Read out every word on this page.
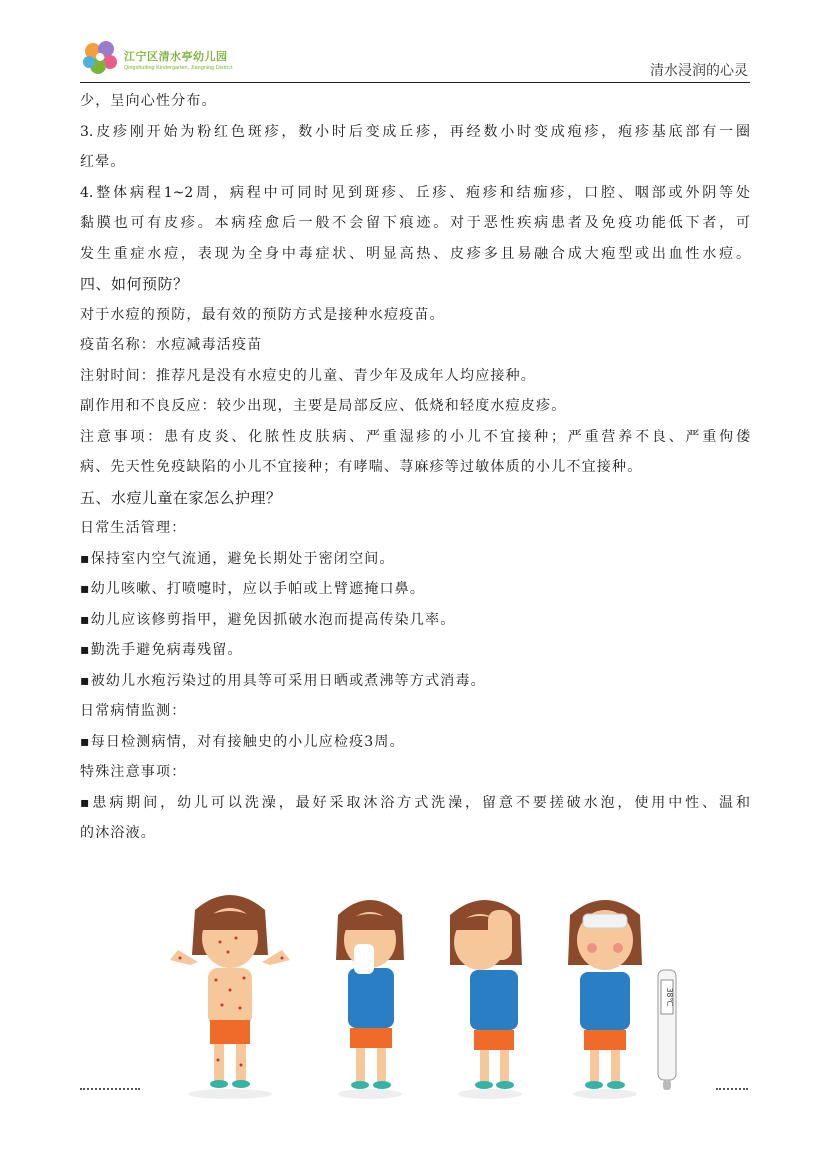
江宁区清水亭幼儿园
Qingshuiting Kindergarten, Jiangning District	清水浸润的心灵
少，呈向心性分布。
3.皮疹刚开始为粉红色斑疹，数小时后变成丘疹，再经数小时变成疱疹，疱疹基底部有一圈
红晕。
4.整体病程1~2周，病程中可同时见到斑疹、丘疹、疱疹和结痂疹，口腔、咽部或外阴等处
黏膜也可有皮疹。本病痊愈后一般不会留下痕迹。对于恶性疾病患者及免疫功能低下者，可
发生重症水痘，表现为全身中毒症状、明显高热、皮疹多且易融合成大疱型或出血性水痘。
四、如何预防？
对于水痘的预防，最有效的预防方式是接种水痘疫苗。
疫苗名称：水痘减毒活疫苗
注射时间：推荐凡是没有水痘史的儿童、青少年及成年人均应接种。
副作用和不良反应：较少出现，主要是局部反应、低烧和轻度水痘皮疹。
注意事项：患有皮炎、化脓性皮肤病、严重湿疹的小儿不宜接种；严重营养不良、严重佝偻
病、先天性免疫缺陷的小儿不宜接种；有哮喘、荨麻疹等过敏体质的小儿不宜接种。
五、水痘儿童在家怎么护理？
日常生活管理：
▪保持室内空气流通，避免长期处于密闭空间。
▪幼儿咳嗽、打喷嚏时，应以手帕或上臂遮掩口鼻。
▪幼儿应该修剪指甲，避免因抓破水泡而提高传染几率。
▪勤洗手避免病毒残留。
▪被幼儿水疱污染过的用具等可采用日晒或煮沸等方式消毒。
日常病情监测：
▪每日检测病情，对有接触史的小儿应检疫3周。
特殊注意事项：
▪患病期间，幼儿可以洗澡，最好采取沐浴方式洗澡，留意不要搓破水泡，使用中性、温和
的沐浴液。
38℃
